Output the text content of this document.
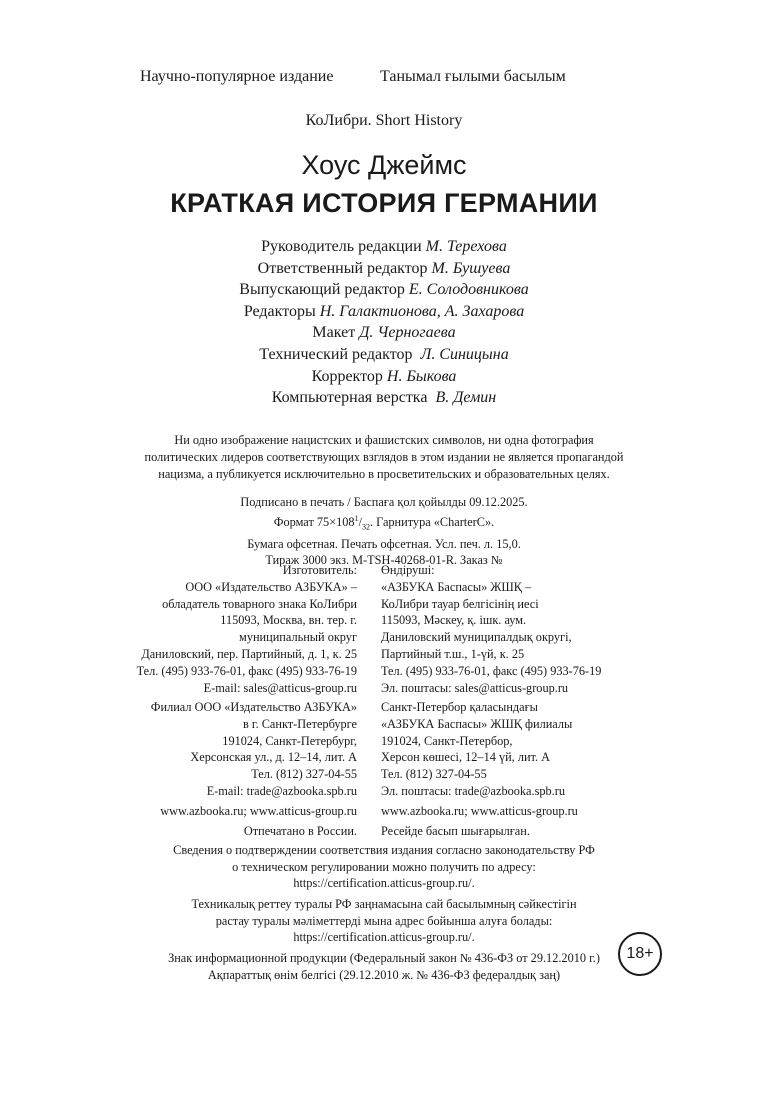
Научно-популярное издание	Танымал ғылыми басылым
КоЛибри. Short History
Хоус Джеймс
КРАТКАЯ ИСТОРИЯ ГЕРМАНИИ
Руководитель редакции М. Терехова
Ответственный редактор М. Бушуева
Выпускающий редактор Е. Солодовникова
Редакторы Н. Галактионова, А. Захарова
Макет Д. Черногаева
Технический редактор Л. Синицына
Корректор Н. Быкова
Компьютерная верстка В. Демин
Ни одно изображение нацистских и фашистских символов, ни одна фотография
политических лидеров соответствующих взглядов в этом издании не является пропагандой
нацизма, а публикуется исключительно в просветительских и образовательных целях.
Подписано в печать / Баспаға қол қойылды 09.12.2025.
Формат $75\times 108^1/_{32}$. Гарнитура «CharterC».
Бумага офсетная. Печать офсетная. Усл. печ. л. 15,0.
Тираж 3000 экз. M-TSH-40268-01-R. Заказ №
Изготовитель:
ООО «Издательство АЗБУКА» –
обладатель товарного знака КоЛибри
115093, Москва, вн. тер. г.
муниципальный округ
Даниловский, пер. Партийный, д. 1, к. 25
Тел. (495) 933-76-01, факс (495) 933-76-19
E-mail: sales@atticus-group.ru
Өндіруші:
«АЗБУКА Баспасы» ЖШҚ –
КоЛибри тауар белгісінің иесі
115093, Мәскеу, қ. ішк. аум.
Даниловский муниципалдық округі,
Партийный т.ш., 1-үй, к. 25
Тел. (495) 933-76-01, факс (495) 933-76-19
Эл. поштасы: sales@atticus-group.ru
Филиал ООО «Издательство АЗБУКА»
в г. Санкт-Петербурге
191024, Санкт-Петербург,
Херсонская ул., д. 12–14, лит. А
Тел. (812) 327-04-55
E-mail: trade@azbooka.spb.ru
Санкт-Петербор қаласындағы
«АЗБУКА Баспасы» ЖШҚ филиалы
191024, Санкт-Петербор,
Херсон көшесі, 12–14 үй, лит. А
Тел. (812) 327-04-55
Эл. поштасы: trade@azbooka.spb.ru
www.azbooka.ru; www.atticus-group.ru www.azbooka.ru; www.atticus-group.ru
Отпечатано в России. Ресейде басып шығарылған.
Сведения о подтверждении соответствия издания согласно законодательству РФ
о техническом регулировании можно получить по адресу:
https://certification.atticus-group.ru/.
Техникалық реттеу туралы РФ заңнамасына сай басылымның сәйкестігін
растау туралы мәліметтерді мына адрес бойынша алуға болады:
https://certification.atticus-group.ru/.
Знак информационной продукции (Федеральный закон № 436-ФЗ от 29.12.2010 г.)
Ақпараттық өнім белгісі (29.12.2010 ж. № 436-ФЗ федералдық заң)
18+
